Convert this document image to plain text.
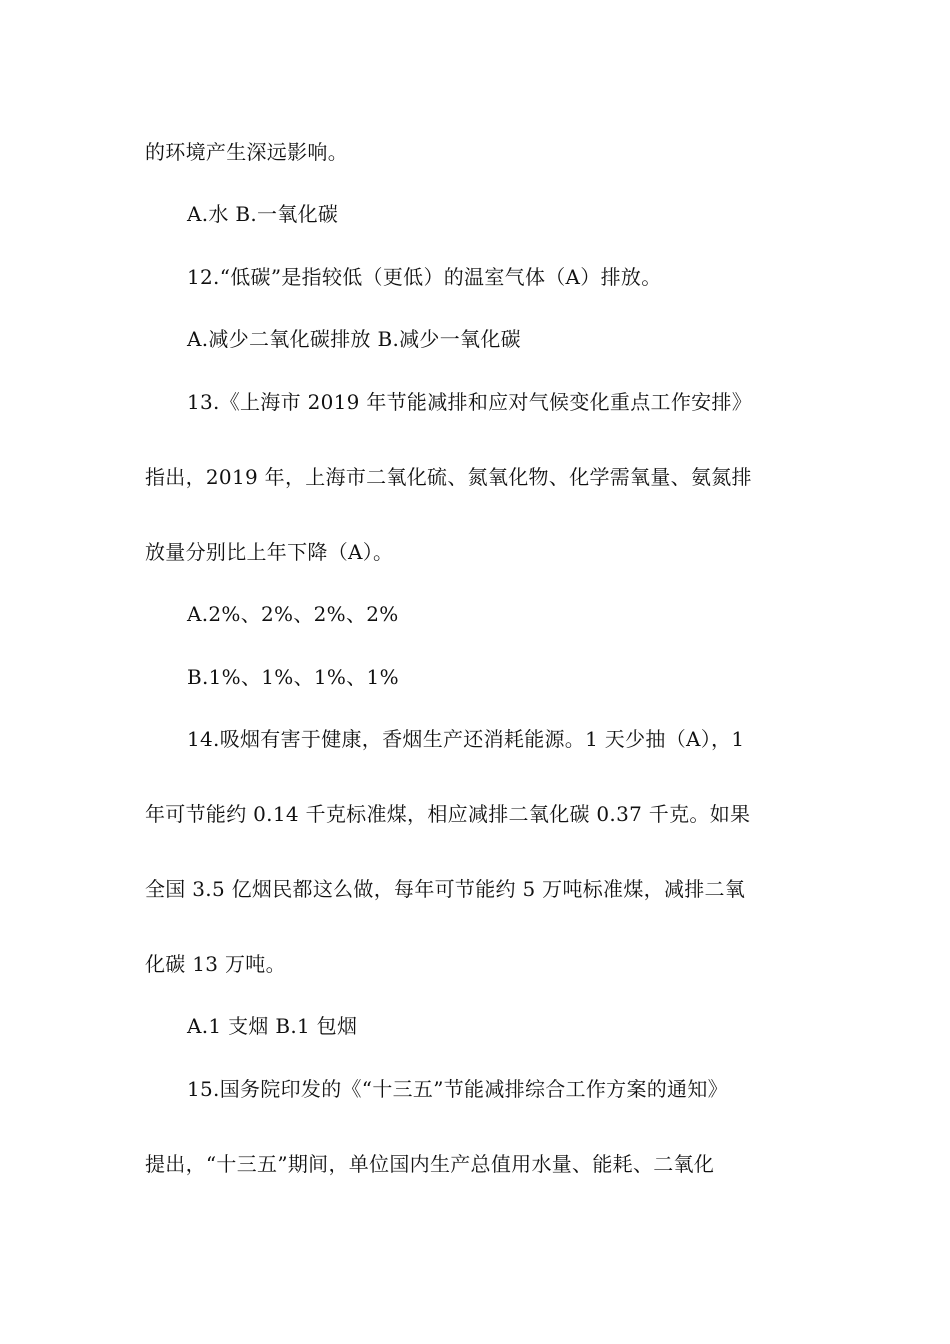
的环境产生深远影响。
A.水 B.一氧化碳
12.“低碳”是指较低（更低）的温室气体（A）排放。
A.减少二氧化碳排放 B.减少一氧化碳
13.《上海市 2019 年节能减排和应对气候变化重点工作安排》
指出，2019 年，上海市二氧化硫、氮氧化物、化学需氧量、氨氮排
放量分别比上年下降（A）。
A.2%、2%、2%、2%
B.1%、1%、1%、1%
14.吸烟有害于健康，香烟生产还消耗能源。1 天少抽（A），1
年可节能约 0.14 千克标准煤，相应减排二氧化碳 0.37 千克。如果
全国 3.5 亿烟民都这么做，每年可节能约 5 万吨标准煤，减排二氧
化碳 13 万吨。
A.1 支烟 B.1 包烟
15.国务院印发的《“十三五”节能减排综合工作方案的通知》
提出，“十三五”期间，单位国内生产总值用水量、能耗、二氧化
